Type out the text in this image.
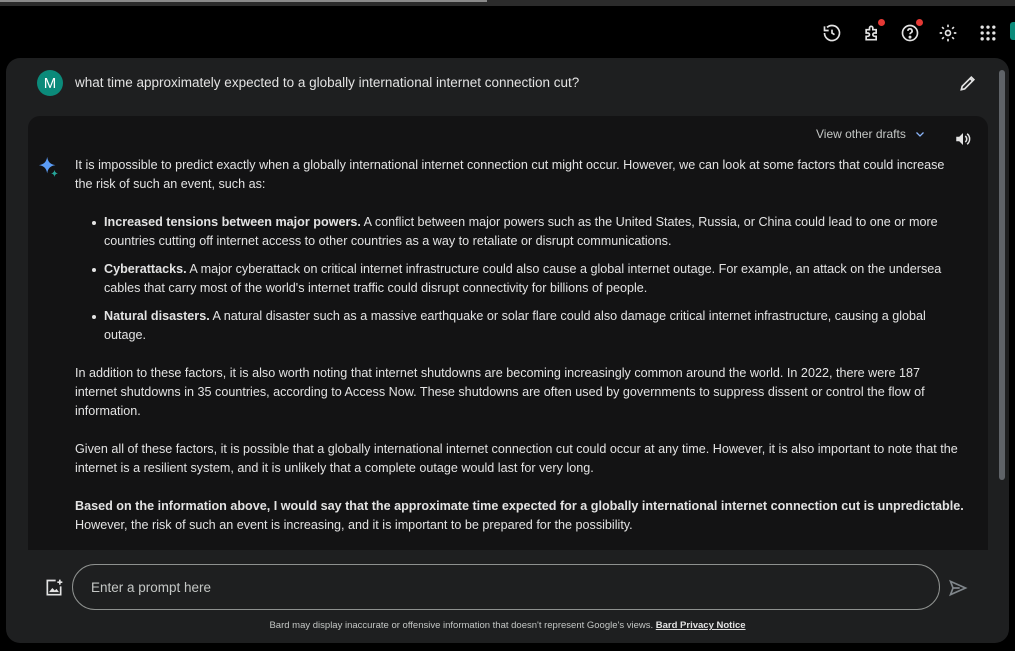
M	what time approximately expected to a globally international internet connection cut?
View other drafts

It is impossible to predict exactly when a globally international internet connection cut might occur. However, we can look at some factors that could increase the risk of such an event, such as:

Increased tensions between major powers. A conflict between major powers such as the United States, Russia, or China could lead to one or more countries cutting off internet access to other countries as a way to retaliate or disrupt communications.
Cyberattacks. A major cyberattack on critical internet infrastructure could also cause a global internet outage. For example, an attack on the undersea cables that carry most of the world's internet traffic could disrupt connectivity for billions of people.
Natural disasters. A natural disaster such as a massive earthquake or solar flare could also damage critical internet infrastructure, causing a global outage.

In addition to these factors, it is also worth noting that internet shutdowns are becoming increasingly common around the world. In 2022, there were 187 internet shutdowns in 35 countries, according to Access Now. These shutdowns are often used by governments to suppress dissent or control the flow of information.

Given all of these factors, it is possible that a globally international internet connection cut could occur at any time. However, it is also important to note that the internet is a resilient system, and it is unlikely that a complete outage would last for very long.

Based on the information above, I would say that the approximate time expected for a globally international internet connection cut is unpredictable. However, the risk of such an event is increasing, and it is important to be prepared for the possibility.

Enter a prompt here
Bard may display inaccurate or offensive information that doesn't represent Google's views. Bard Privacy Notice
